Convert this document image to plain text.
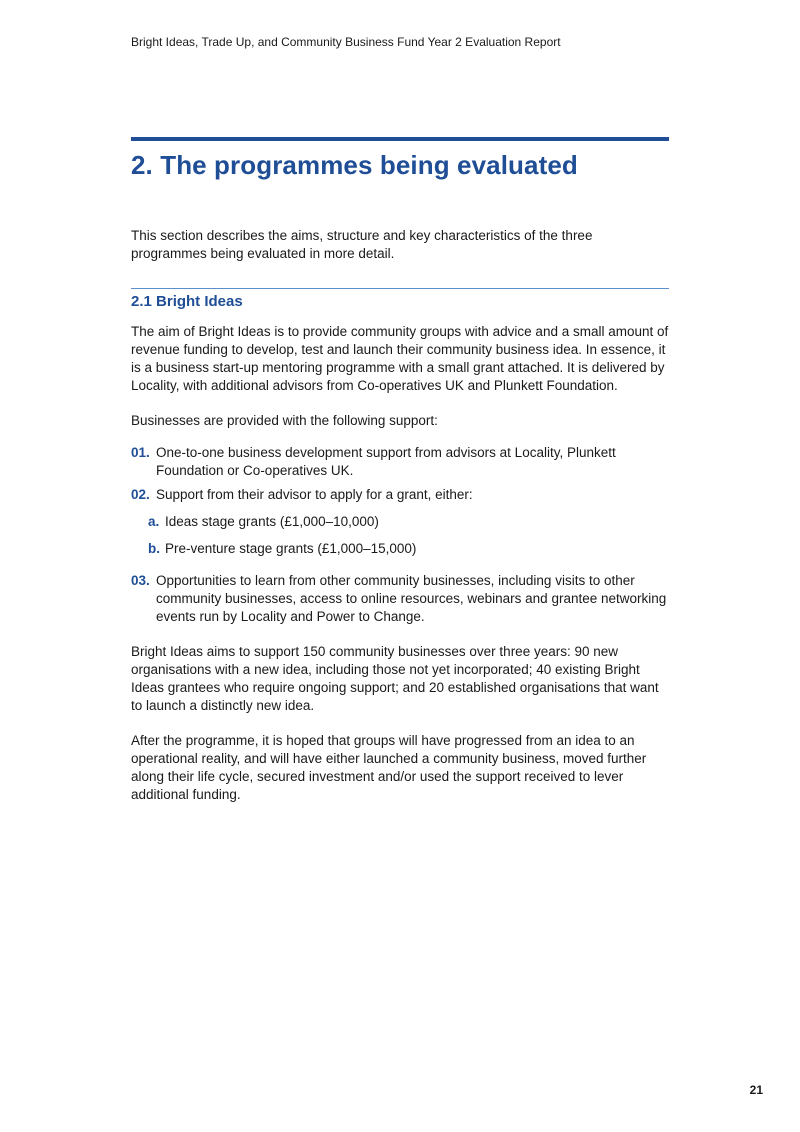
Bright Ideas, Trade Up, and Community Business Fund Year 2 Evaluation Report
2. The programmes being evaluated

This section describes the aims, structure and key characteristics of the three programmes being evaluated in more detail.

2.1 Bright Ideas

The aim of Bright Ideas is to provide community groups with advice and a small amount of revenue funding to develop, test and launch their community business idea. In essence, it is a business start-up mentoring programme with a small grant attached. It is delivered by Locality, with additional advisors from Co-operatives UK and Plunkett Foundation.

Businesses are provided with the following support:

01. One-to-one business development support from advisors at Locality, Plunkett Foundation or Co-operatives UK.
02. Support from their advisor to apply for a grant, either:
a. Ideas stage grants (£1,000–10,000)
b. Pre-venture stage grants (£1,000–15,000)
03. Opportunities to learn from other community businesses, including visits to other community businesses, access to online resources, webinars and grantee networking events run by Locality and Power to Change.

Bright Ideas aims to support 150 community businesses over three years: 90 new organisations with a new idea, including those not yet incorporated; 40 existing Bright Ideas grantees who require ongoing support; and 20 established organisations that want to launch a distinctly new idea.

After the programme, it is hoped that groups will have progressed from an idea to an operational reality, and will have either launched a community business, moved further along their life cycle, secured investment and/or used the support received to lever additional funding.

21
